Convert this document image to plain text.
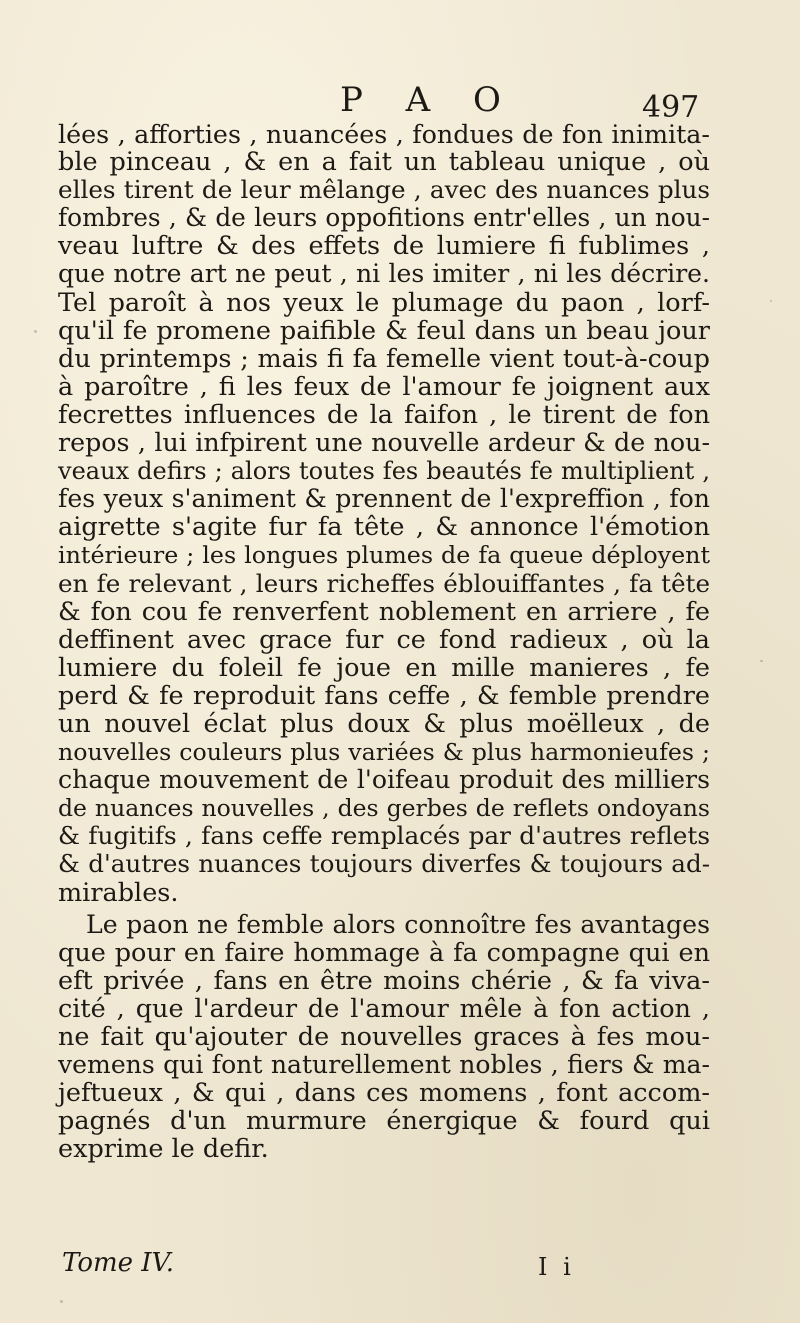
P A O	497
lées , afforties , nuancées , fondues de fon inimita-
ble pinceau , & en a fait un tableau unique , où
elles tirent de leur mêlange , avec des nuances plus
fombres , & de leurs oppofitions entr'elles , un nou-
veau luftre & des effets de lumiere fi fublimes ,
que notre art ne peut , ni les imiter , ni les décrire.
Tel paroît à nos yeux le plumage du paon , lorf-
qu'il fe promene paifible & feul dans un beau jour
du printemps ; mais fi fa femelle vient tout-à-coup
à paroître , fi les feux de l'amour fe joignent aux
fecrettes influences de la faifon , le tirent de fon
repos , lui infpirent une nouvelle ardeur & de nou-
veaux defirs ; alors toutes fes beautés fe multiplient ,
fes yeux s'animent & prennent de l'expreffion , fon
aigrette s'agite fur fa tête , & annonce l'émotion
intérieure ; les longues plumes de fa queue déployent
en fe relevant , leurs richeffes éblouiffantes , fa tête
& fon cou fe renverfent noblement en arriere , fe
deffinent avec grace fur ce fond radieux , où la
lumiere du foleil fe joue en mille manieres , fe
perd & fe reproduit fans ceffe , & femble prendre
un nouvel éclat plus doux & plus moëlleux , de
nouvelles couleurs plus variées & plus harmonieufes ;
chaque mouvement de l'oifeau produit des milliers
de nuances nouvelles , des gerbes de reflets ondoyans
& fugitifs , fans ceffe remplacés par d'autres reflets
& d'autres nuances toujours diverfes & toujours ad-
mirables.
Le paon ne femble alors connoître fes avantages
que pour en faire hommage à fa compagne qui en
eft privée , fans en être moins chérie , & fa viva-
cité , que l'ardeur de l'amour mêle à fon action ,
ne fait qu'ajouter de nouvelles graces à fes mou-
vemens qui font naturellement nobles , fiers & ma-
jeftueux , & qui , dans ces momens , font accom-
pagnés d'un murmure énergique & fourd qui
exprime le defir.
Tome IV.	I i
